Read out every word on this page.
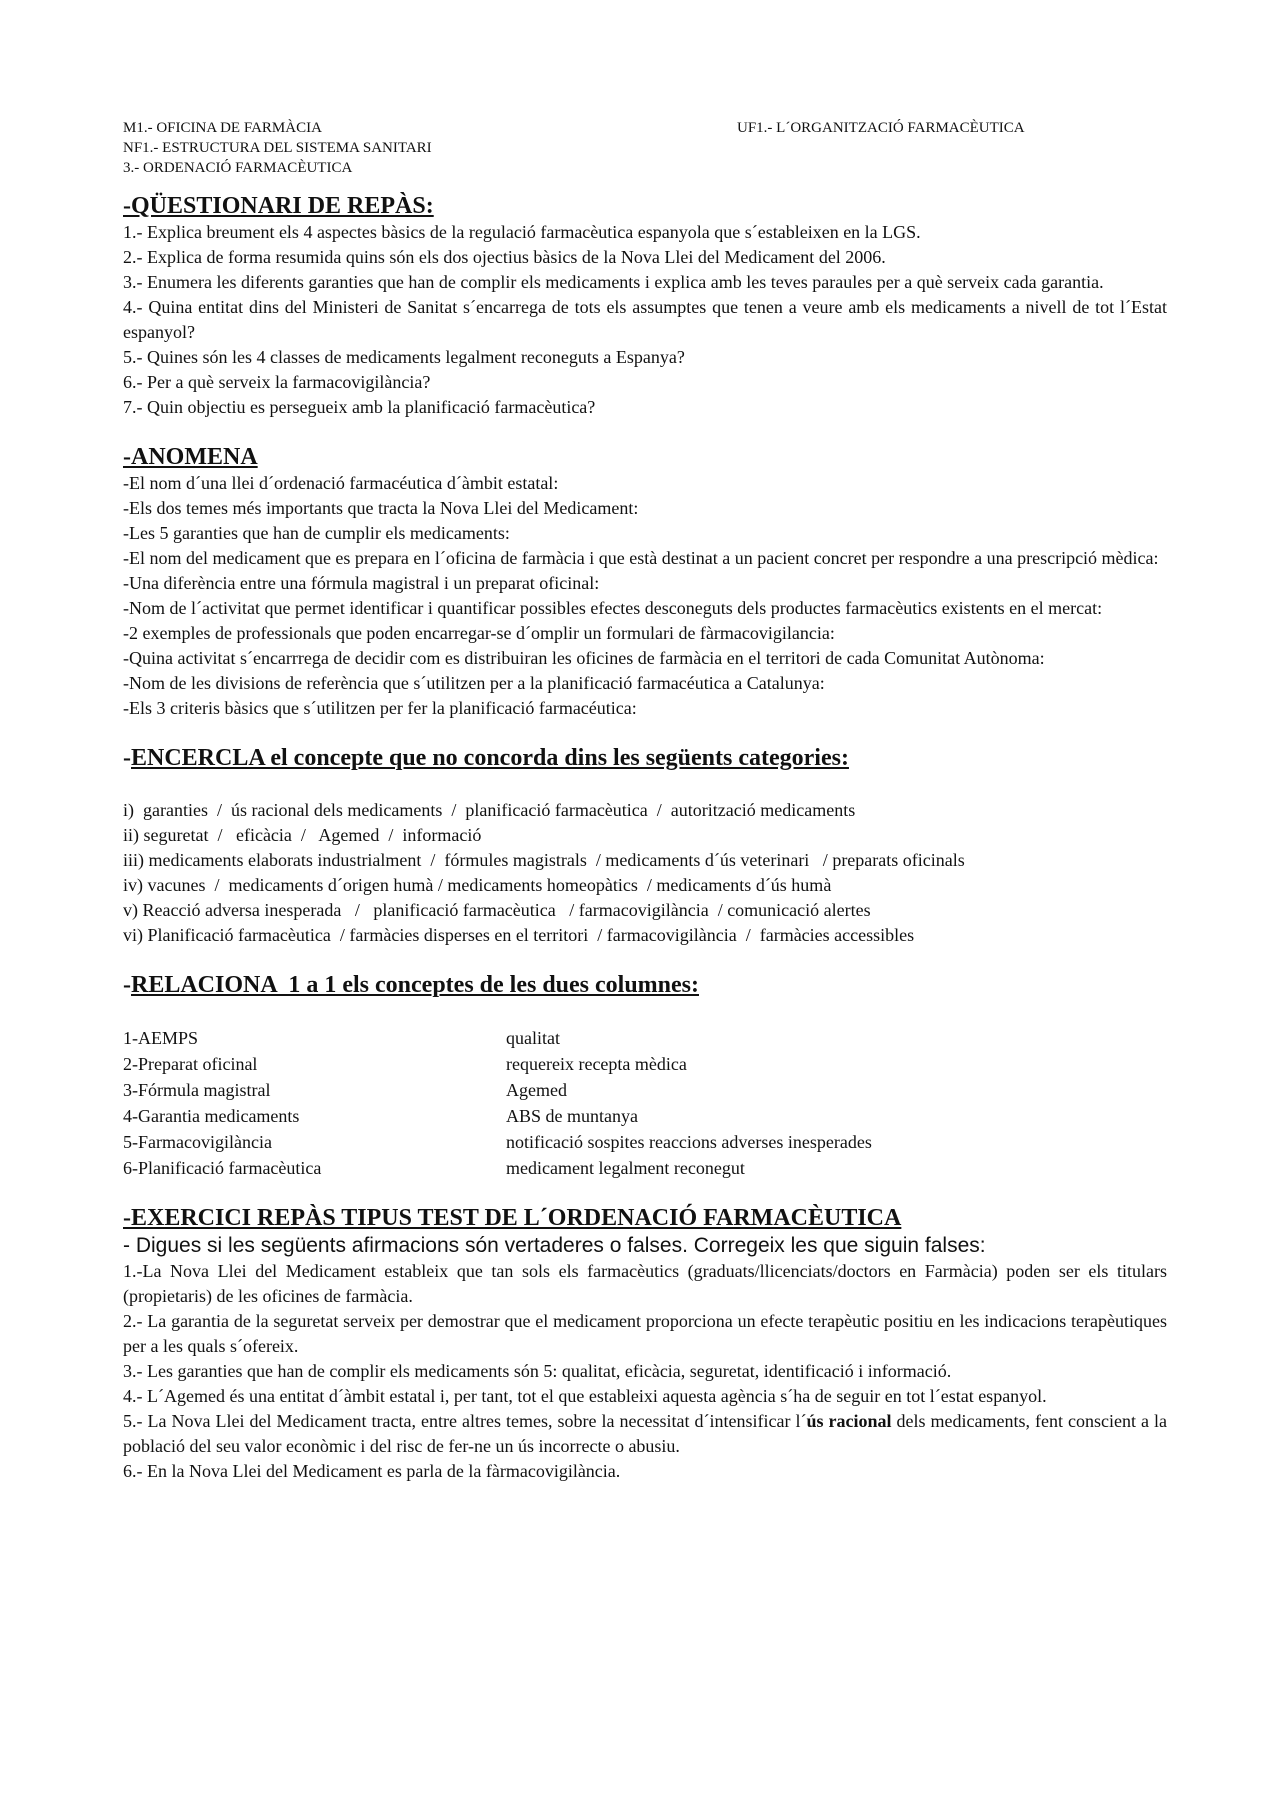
M1.- OFICINA DE FARMÀCIA	UF1.- L´ORGANITZACIÓ FARMACÈUTICA
NF1.- ESTRUCTURA DEL SISTEMA SANITARI
3.- ORDENACIÓ FARMACÈUTICA

-QÜESTIONARI DE REPÀS:

1.- Explica breument els 4 aspectes bàsics de la regulació farmacèutica espanyola que s´estableixen en la LGS.

2.- Explica de forma resumida quins són els dos ojectius bàsics de la Nova Llei del Medicament del 2006.

3.- Enumera les diferents garanties que han de complir els medicaments i explica amb les teves paraules per a què serveix cada garantia.

4.- Quina entitat dins del Ministeri de Sanitat s´encarrega de tots els assumptes que tenen a veure amb els medicaments a nivell de tot l´Estat espanyol?

5.- Quines són les 4 classes de medicaments legalment reconeguts a Espanya?

6.- Per a què serveix la farmacovigilància?

7.- Quin objectiu es persegueix amb la planificació farmacèutica?

-ANOMENA

-El nom d´una llei d´ordenació farmacéutica d´àmbit estatal:

-Els dos temes més importants que tracta la Nova Llei del Medicament:

-Les 5 garanties que han de cumplir els medicaments:

-El nom del medicament que es prepara en l´oficina de farmàcia i que està destinat a un pacient concret per respondre a una prescripció mèdica:

-Una diferència entre una fórmula magistral i un preparat oficinal:

-Nom de l´activitat que permet identificar i quantificar possibles efectes desconeguts dels productes farmacèutics existents en el mercat:

-2 exemples de professionals que poden encarregar-se d´omplir un formulari de fàrmacovigilancia:

-Quina activitat s´encarrrega de decidir com es distribuiran les oficines de farmàcia en el territori de cada Comunitat Autònoma:

-Nom de les divisions de referència que s´utilitzen per a la planificació farmacéutica a Catalunya:

-Els 3 criteris bàsics que s´utilitzen per fer la planificació farmacéutica:

-ENCERCLA el concepte que no concorda dins les següents categories:

i)  garanties  /  ús racional dels medicaments  /  planificació farmacèutica  /  autorització medicaments

ii) seguretat  /   eficàcia  /   Agemed  /  informació

iii) medicaments elaborats industrialment  /  fórmules magistrals  / medicaments d´ús veterinari   / preparats oficinals

iv) vacunes  /  medicaments d´origen humà / medicaments homeopàtics  / medicaments d´ús humà

v) Reacció adversa inesperada   /   planificació farmacèutica   / farmacovigilància  / comunicació alertes

vi) Planificació farmacèutica  / farmàcies disperses en el territori  / farmacovigilància  /  farmàcies accessibles

-RELACIONA  1 a 1 els conceptes de les dues columnes:

1-AEMPS	qualitat
2-Preparat oficinal	requereix recepta mèdica
3-Fórmula magistral	Agemed
4-Garantia medicaments	ABS de muntanya
5-Farmacovigilància	notificació sospites reaccions adverses inesperades
6-Planificació farmacèutica	medicament legalment reconegut

-EXERCICI REPÀS TIPUS TEST DE L´ORDENACIÓ FARMACÈUTICA

- Digues si les següents afirmacions són vertaderes o falses. Corregeix les que siguin falses:

1.-La Nova Llei del Medicament estableix que tan sols els farmacèutics (graduats/llicenciats/doctors en Farmàcia) poden ser els titulars (propietaris) de les oficines de farmàcia.

2.- La garantia de la seguretat serveix per demostrar que el medicament proporciona un efecte terapèutic positiu en les indicacions terapèutiques per a les quals s´ofereix.

3.- Les garanties que han de complir els medicaments són 5: qualitat, eficàcia, seguretat, identificació i informació.

4.- L´Agemed és una entitat d´àmbit estatal i, per tant, tot el que estableixi aquesta agència s´ha de seguir en tot l´estat espanyol.

5.- La Nova Llei del Medicament tracta, entre altres temes, sobre la necessitat d´intensificar l´ús racional dels medicaments, fent conscient a la població del seu valor econòmic i del risc de fer-ne un ús incorrecte o abusiu.

6.- En la Nova Llei del Medicament es parla de la fàrmacovigilància.
